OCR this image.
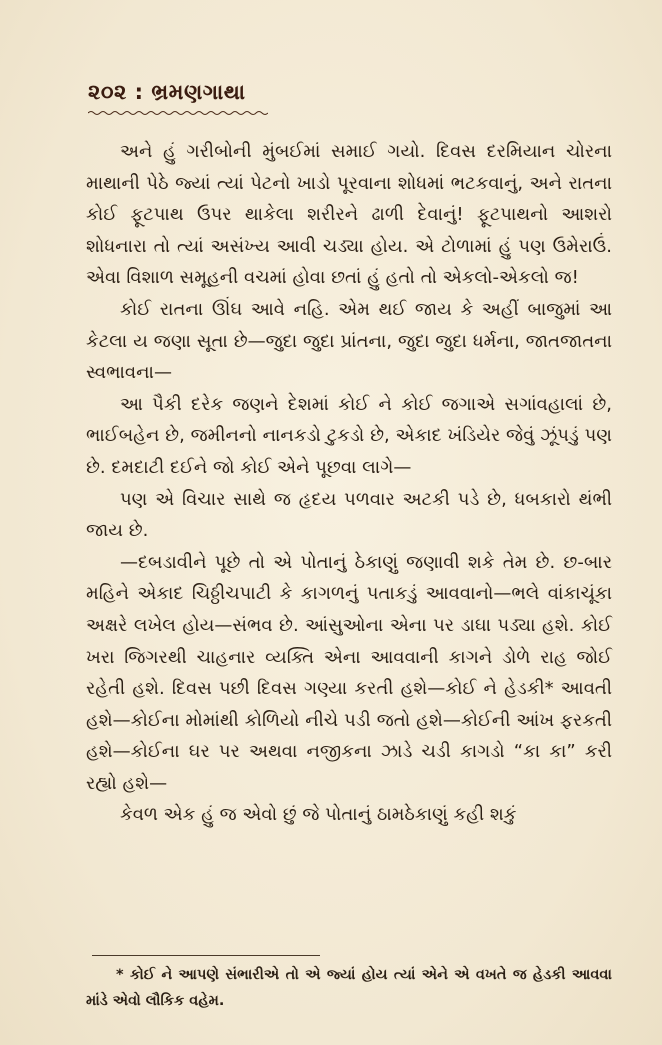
૨૦૨ : ભ્રમણગાથા

અને હું ગરીબોની મુંબઈમાં સમાઈ ગયો. દિવસ દરમિયાન ચોરના માથાની પેઠે જ્યાં ત્યાં પેટનો ખાડો પૂરવાના શોધમાં ભટકવાનું, અને રાતના કોઈ ફૂટપાથ ઉપર થાકેલા શરીરને ઢાળી દેવાનું! ફૂટપાથનો આશરો શોધનારા તો ત્યાં અસંખ્ય આવી ચડ્યા હોય. એ ટોળામાં હું પણ ઉમેરાઉં. એવા વિશાળ સમૂહની વચમાં હોવા છતાં હું હતો તો એકલો-એકલો જ!

કોઈ રાતના ઊંઘ આવે નહિ. એમ થઈ જાય કે અહીં બાજુમાં આ કેટલા ય જણા સૂતા છે—જુદા જુદા પ્રાંતના, જુદા જુદા ધર્મના, જાતજાતના સ્વભાવના—

આ પૈકી દરેક જણને દેશમાં કોઈ ને કોઈ જગાએ સગાંવહાલાં છે, ભાઈબહેન છે, જમીનનો નાનકડો ટુકડો છે, એકાદ ખંડિયેર જેવું ઝૂંપડું પણ છે. દમદાટી દઈને જો કોઈ એને પૂછવા લાગે—

પણ એ વિચાર સાથે જ હૃદય પળવાર અટકી પડે છે, ધબકારો થંભી જાય છે.

—દબડાવીને પૂછે તો એ પોતાનું ઠેકાણું જણાવી શકે તેમ છે. છ-બાર મહિને એકાદ ચિઠ્ઠીચપાટી કે કાગળનું પતાકડું આવવાનો—ભલે વાંકાચૂંકા અક્ષરે લખેલ હોય—સંભવ છે. આંસુઓના એના પર ડાઘા પડ્યા હશે. કોઈ ખરા જિગરથી ચાહનાર વ્યક્તિ એના આવવાની કાગને ડોળે રાહ જોઈ રહેતી હશે. દિવસ પછી દિવસ ગણ્યા કરતી હશે—કોઈ ને હેડકી* આવતી હશે—કોઈના મોમાંથી કોળિયો નીચે પડી જતો હશે—કોઈની આંખ ફરકતી હશે—કોઈના ઘર પર અથવા નજીકના ઝાડે ચડી કાગડો “કા કા” કરી રહ્યો હશે—

કેવળ એક હું જ એવો છું જે પોતાનું ઠામઠેકાણું કહી શકું

* કોઈ ને આપણે સંભારીએ તો એ જ્યાં હોય ત્યાં એને એ વખતે જ હેડકી આવવા માંડે એવો લૌકિક વહેમ.
